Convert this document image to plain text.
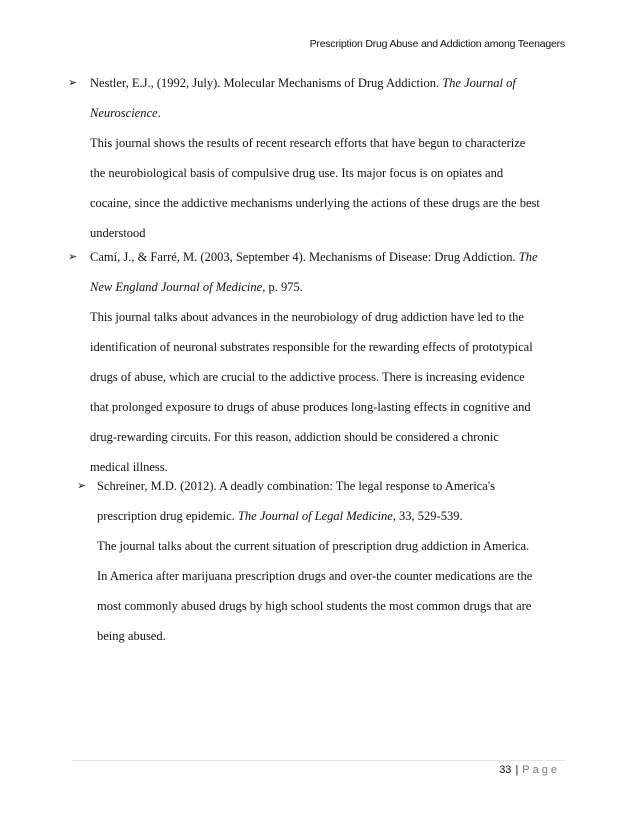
Prescription Drug Abuse and Addiction among Teenagers
➢ Nestler, E.J., (1992, July). Molecular Mechanisms of Drug Addiction. The Journal of
Neuroscience.
This journal shows the results of recent research efforts that have begun to characterize
the neurobiological basis of compulsive drug use. Its major focus is on opiates and
cocaine, since the addictive mechanisms underlying the actions of these drugs are the best
understood
➢ Camí, J., & Farré, M. (2003, September 4). Mechanisms of Disease: Drug Addiction. The
New England Journal of Medicine, p. 975.
This journal talks about advances in the neurobiology of drug addiction have led to the
identification of neuronal substrates responsible for the rewarding effects of prototypical
drugs of abuse, which are crucial to the addictive process. There is increasing evidence
that prolonged exposure to drugs of abuse produces long-lasting effects in cognitive and
drug-rewarding circuits. For this reason, addiction should be considered a chronic
medical illness.
➢ Schreiner, M.D. (2012). A deadly combination: The legal response to America's
prescription drug epidemic. The Journal of Legal Medicine, 33, 529-539.
The journal talks about the current situation of prescription drug addiction in America.
In America after marijuana prescription drugs and over-the counter medications are the
most commonly abused drugs by high school students the most common drugs that are
being abused.
33 | Page
